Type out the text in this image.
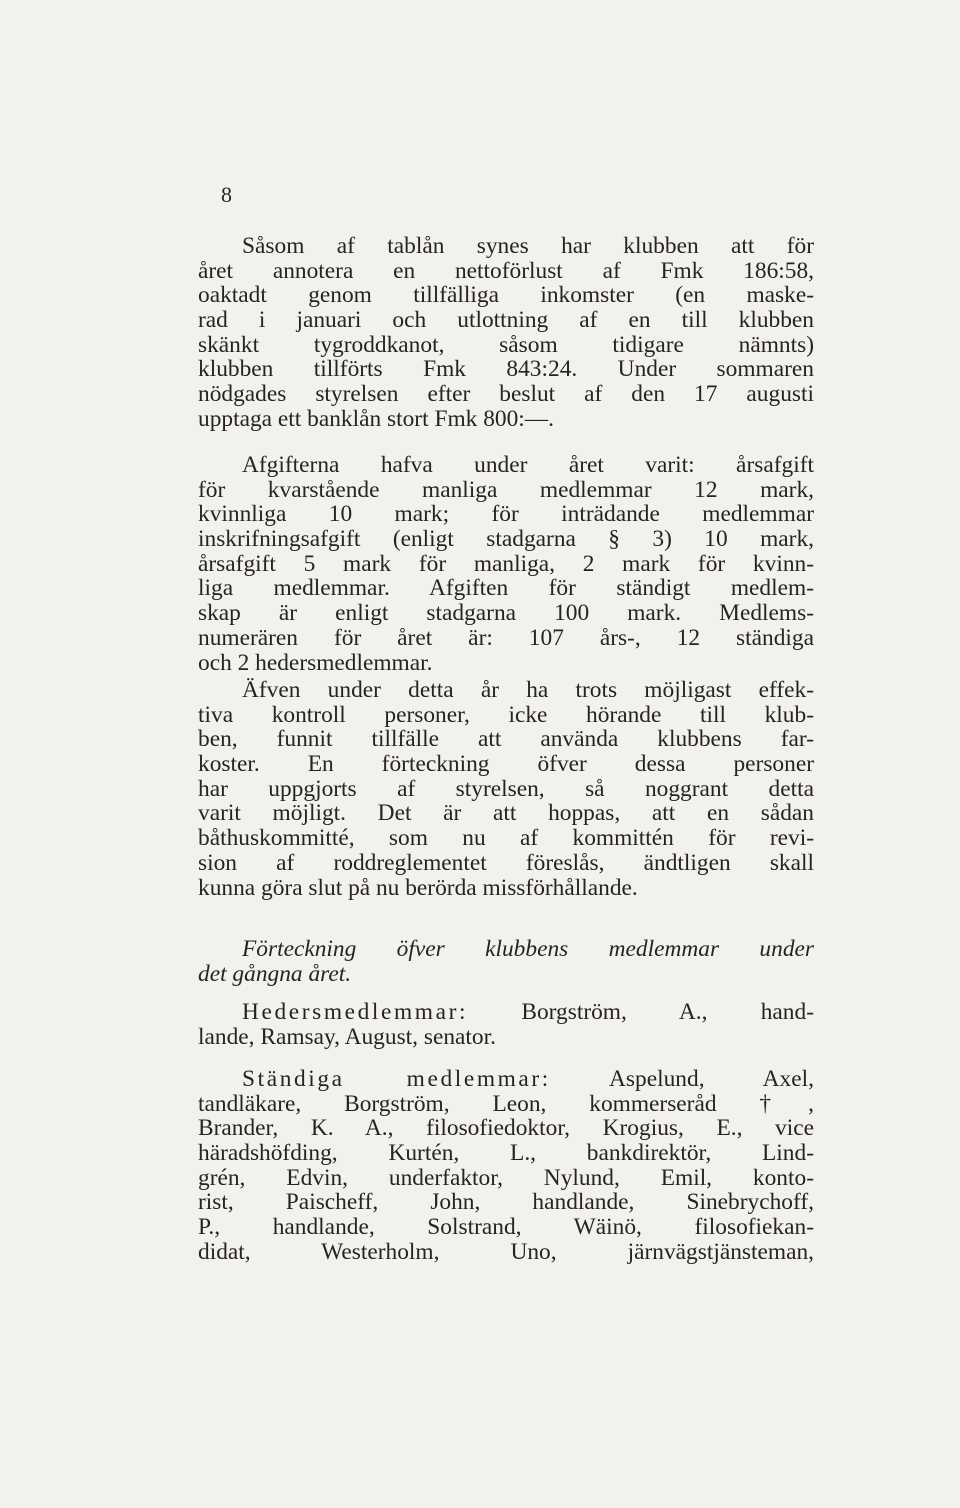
8
Såsom af tablån synes har klubben att för
året annotera en nettoförlust af Fmk 186:58,
oaktadt genom tillfälliga inkomster (en maske-
rad i januari och utlottning af en till klubben
skänkt tygroddkanot, såsom tidigare nämnts)
klubben tillförts Fmk 843:24. Under sommaren
nödgades styrelsen efter beslut af den 17 augusti
upptaga ett banklån stort Fmk 800:—.
Afgifterna hafva under året varit: årsafgift
för kvarstående manliga medlemmar 12 mark,
kvinnliga 10 mark; för inträdande medlemmar
inskrifningsafgift (enligt stadgarna § 3) 10 mark,
årsafgift 5 mark för manliga, 2 mark för kvinn-
liga medlemmar. Afgiften för ständigt medlem-
skap är enligt stadgarna 100 mark. Medlems-
numerären för året är: 107 års-, 12 ständiga
och 2 hedersmedlemmar.
Äfven under detta år ha trots möjligast effek-
tiva kontroll personer, icke hörande till klub-
ben, funnit tillfälle att använda klubbens far-
koster. En förteckning öfver dessa personer
har uppgjorts af styrelsen, så noggrant detta
varit möjligt. Det är att hoppas, att en sådan
båthuskommitté, som nu af kommittén för revi-
sion af roddreglementet föreslås, ändtligen skall
kunna göra slut på nu berörda missförhållande.
Förteckning öfver klubbens medlemmar under
det gångna året.
Hedersmedlemmar: Borgström, A., hand-
lande, Ramsay, August, senator.
Ständiga medlemmar: Aspelund, Axel,
tandläkare, Borgström, Leon, kommerseråd †,
Brander, K. A., filosofiedoktor, Krogius, E., vice
häradshöfding, Kurtén, L., bankdirektör, Lind-
grén, Edvin, underfaktor, Nylund, Emil, konto-
rist, Paischeff, John, handlande, Sinebrychoff,
P., handlande, Solstrand, Wäinö, filosofiekan-
didat, Westerholm, Uno, järnvägstjänsteman,
